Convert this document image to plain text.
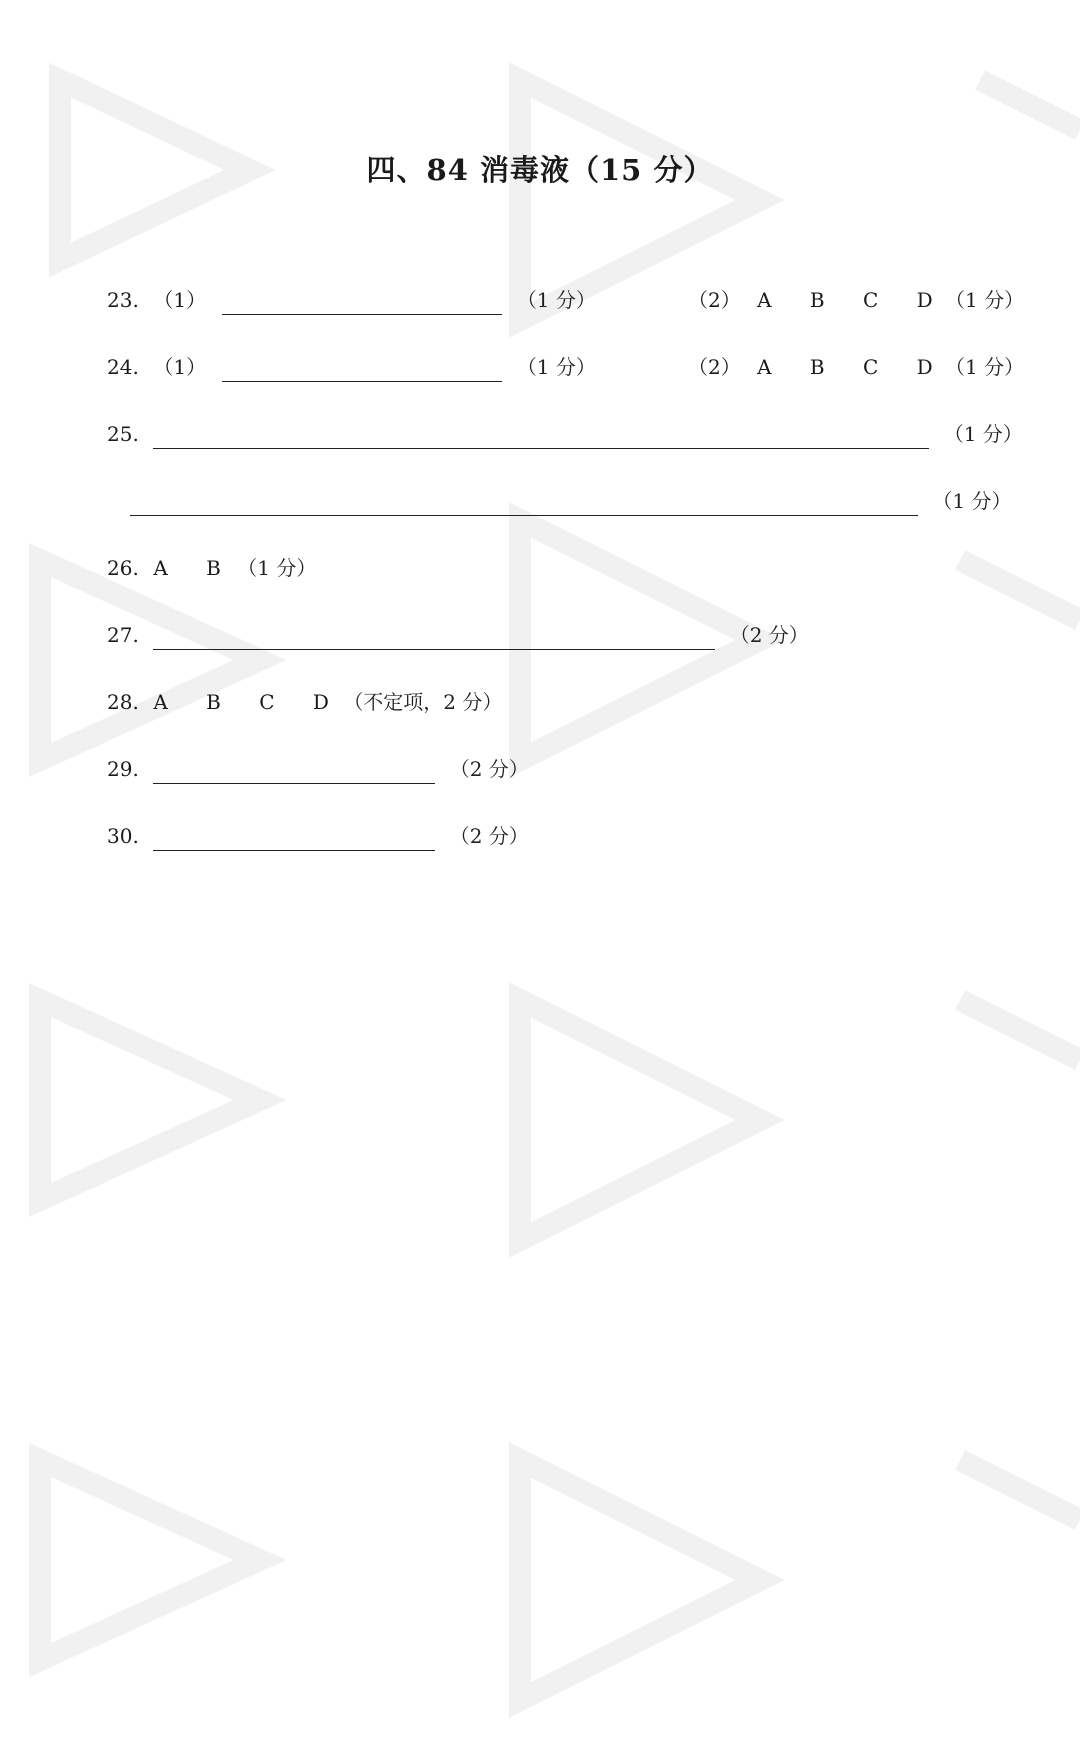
四、84 消毒液（15 分）
23. （1）	（1 分）	（2） A B C D （1 分）
24. （1）	（1 分）	（2） A B C D （1 分）
25.	（1 分）
（1 分）
26. A B （1 分）
27.	（2 分）
28. A B C D （不定项，2 分）
29.	（2 分）
30.	（2 分）
